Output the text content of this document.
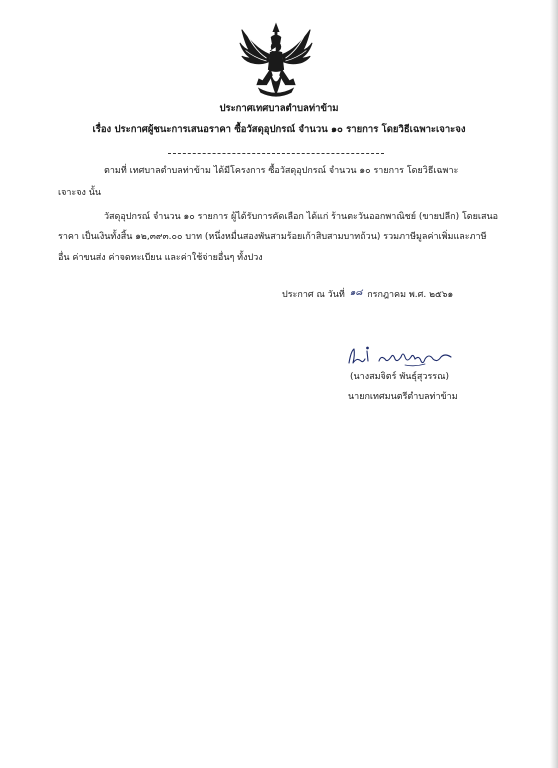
ประกาศเทศบาลตำบลท่าข้าม
เรื่อง ประกาศผู้ชนะการเสนอราคา ซื้อวัสดุอุปกรณ์ จำนวน ๑๐ รายการ โดยวิธีเฉพาะเจาะจง
ตามที่ เทศบาลตำบลท่าข้าม ได้มีโครงการ ซื้อวัสดุอุปกรณ์ จำนวน ๑๐ รายการ โดยวิธีเฉพาะ
เจาะจง นั้น
วัสดุอุปกรณ์ จำนวน ๑๐ รายการ ผู้ได้รับการคัดเลือก ได้แก่ ร้านตะวันออกพาณิชย์ (ขายปลีก) โดยเสนอ
ราคา เป็นเงินทั้งสิ้น ๑๒,๓๙๓.๐๐ บาท (หนึ่งหมื่นสองพันสามร้อยเก้าสิบสามบาทถ้วน) รวมภาษีมูลค่าเพิ่มและภาษี
อื่น ค่าขนส่ง ค่าจดทะเบียน และค่าใช้จ่ายอื่นๆ ทั้งปวง
ประกาศ ณ วันที่ ๑๘ กรกฎาคม พ.ศ. ๒๕๖๑
(นางสมจิตร์ พันธุ์สุวรรณ)
นายกเทศมนตรีตำบลท่าข้าม
